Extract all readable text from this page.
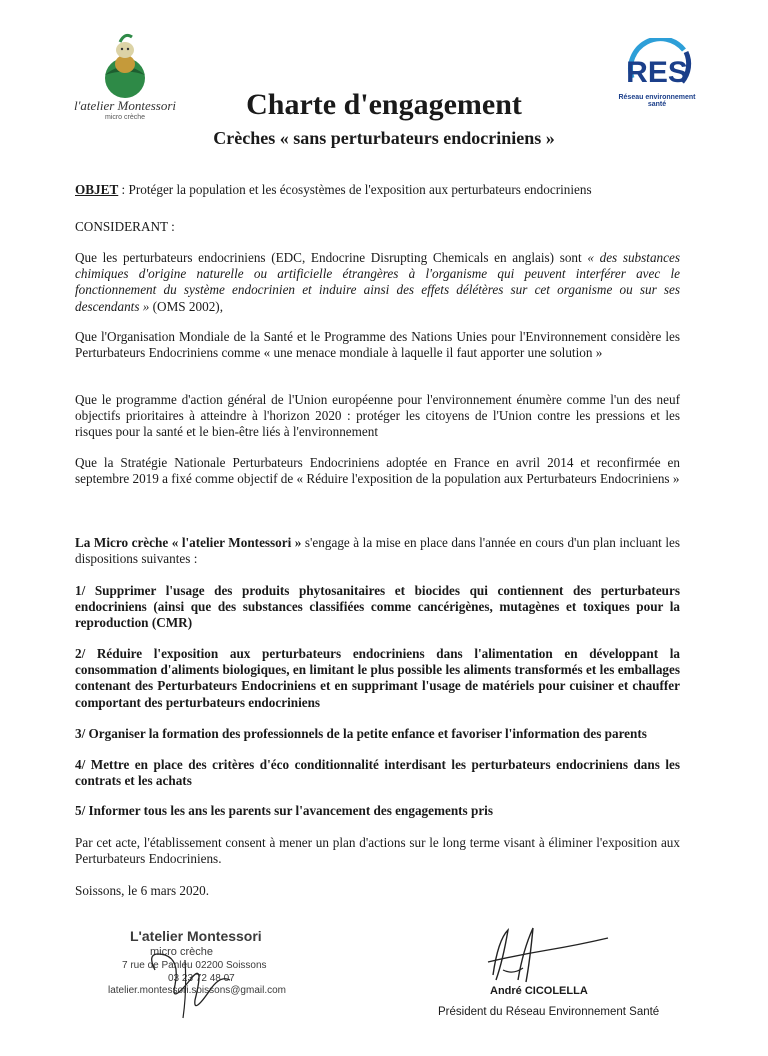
l'atelier Montessori
micro crèche
RES
Réseau environnement santé
Charte d'engagement
Crèches « sans perturbateurs endocriniens »

OBJET : Protéger la population et les écosystèmes de l'exposition aux perturbateurs endocriniens

CONSIDERANT :

Que les perturbateurs endocriniens (EDC, Endocrine Disrupting Chemicals en anglais) sont « des substances chimiques d'origine naturelle ou artificielle étrangères à l'organisme qui peuvent interférer avec le fonctionnement du système endocrinien et induire ainsi des effets délétères sur cet organisme ou sur ses descendants » (OMS 2002),

Que l'Organisation Mondiale de la Santé et le Programme des Nations Unies pour l'Environnement considère les Perturbateurs Endocriniens comme « une menace mondiale à laquelle il faut apporter une solution »

Que le programme d'action général de l'Union européenne pour l'environnement énumère comme l'un des neuf objectifs prioritaires à atteindre à l'horizon 2020 : protéger les citoyens de l'Union contre les pressions et les risques pour la santé et le bien-être liés à l'environnement

Que la Stratégie Nationale Perturbateurs Endocriniens adoptée en France en avril 2014 et reconfirmée en septembre 2019 a fixé comme objectif de « Réduire l'exposition de la population aux Perturbateurs Endocriniens »

La Micro crèche « l'atelier Montessori » s'engage à la mise en place dans l'année en cours d'un plan incluant les dispositions suivantes :

1/ Supprimer l'usage des produits phytosanitaires et biocides qui contiennent des perturbateurs endocriniens (ainsi que des substances classifiées comme cancérigènes, mutagènes et toxiques pour la reproduction (CMR)

2/ Réduire l'exposition aux perturbateurs endocriniens dans l'alimentation en développant la consommation d'aliments biologiques, en limitant le plus possible les aliments transformés et les emballages contenant des Perturbateurs Endocriniens et en supprimant l'usage de matériels pour cuisiner et chauffer comportant des perturbateurs endocriniens

3/ Organiser la formation des professionnels de la petite enfance et favoriser l'information des parents

4/ Mettre en place des critères d'éco conditionnalité interdisant les perturbateurs endocriniens dans les contrats et les achats

5/ Informer tous les ans les parents sur l'avancement des engagements pris

Par cet acte, l'établissement consent à mener un plan d'actions sur le long terme visant à éliminer l'exposition aux Perturbateurs Endocriniens.

Soissons, le 6 mars 2020.

L'atelier Montessori
micro crèche
7 rue de Panleu 02200 Soissons
03 23 72 48 07
latelier.montessori.soissons@gmail.com	André CICOLELLA
Président du Réseau Environnement Santé
